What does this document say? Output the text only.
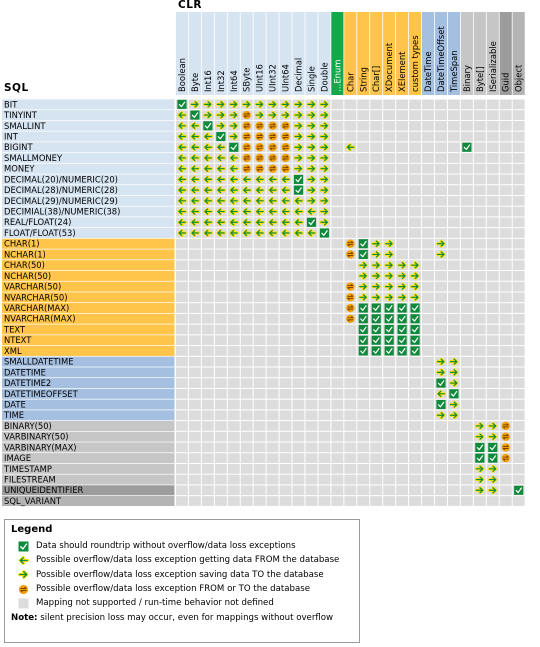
Boolean Byte Int16 Int32 Int64 SByte UInt16 UInt32 UInt64 Decimal Single Double …Enum Char String Char[] XDocument XElement custom types DateTime DateTimeOffset TimeSpan Binary Byte[] ISerializable Guid Object
BIT
TINYINT
SMALLINT
INT
BIGINT
SMALLMONEY
MONEY
DECIMAL(20)/NUMERIC(20)
DECIMAL(28)/NUMERIC(28)
DECIMAL(29)/NUMERIC(29)
DECIMIAL(38)/NUMERIC(38)
REAL/FLOAT(24)
FLOAT/FLOAT(53)
CHAR(1)
NCHAR(1)
CHAR(50)
NCHAR(50)
VARCHAR(50)
NVARCHAR(50)
VARCHAR(MAX)
NVARCHAR(MAX)
TEXT
NTEXT
XML
SMALLDATETIME
DATETIME
DATETIME2
DATETIMEOFFSET
DATE
TIME
BINARY(50)
VARBINARY(50)
VARBINARY(MAX)
IMAGE
TIMESTAMP
FILESTREAM
UNIQUEIDENTIFIER
SQL_VARIANT
CLR
SQL
Legend
Data should roundtrip without overflow/data loss exceptions
Possible overflow/data loss exception getting data FROM the database
Possible overflow/data loss exception saving data TO the database
Possible overflow/data loss exception FROM or TO the database
Mapping not supported / run-time behavior not defined
Note: silent precision loss may occur, even for mappings without overflow
